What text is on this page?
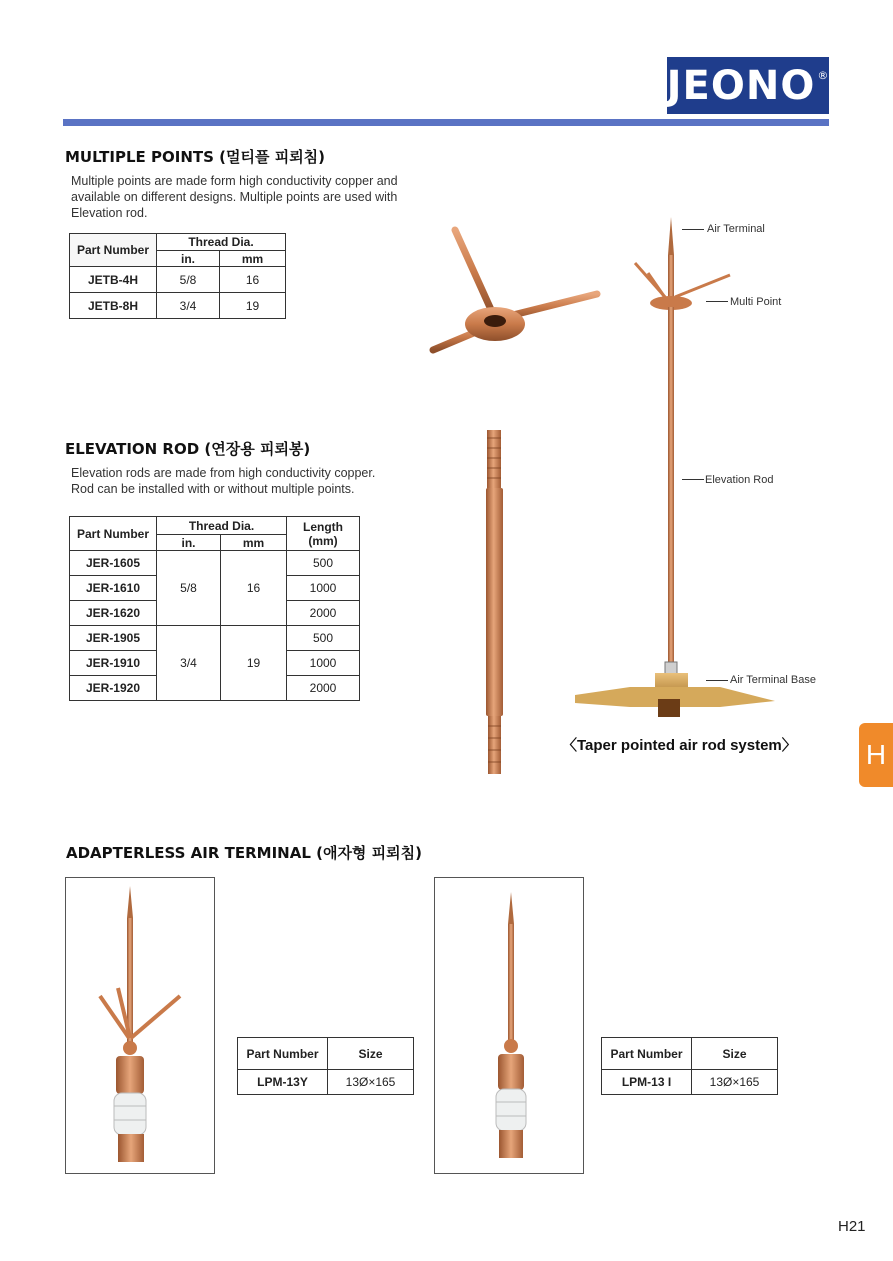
JEONO®
MULTIPLE POINTS (멀티플 피뢰침)
Multiple points are made form high conductivity copper and
available on different designs. Multiple points are used with
Elevation rod.
Part Number	Thread Dia.	
	in.	mm
JETB-4H	5/8	16
JETB-8H	3/4	19
Air Terminal
Multi Point
Elevation Rod
Air Terminal Base
〈Taper pointed air rod system〉
ELEVATION ROD (연장용 피뢰봉)
Elevation rods are made from high conductivity copper.
Rod can be installed with or without multiple points.
Part Number	Thread Dia.		Length
(mm)

	in.	mm	
JER-1605	5/8	16	500
JER-1610			1000
JER-1620			2000
JER-1905	3/4	19	500
JER-1910			1000
JER-1920			2000
H
ADAPTERLESS AIR TERMINAL (애자형 피뢰침)
Part Number	Size
LPM-13Y	13Ø×165
Part Number	Size
LPM-13 I	13Ø×165
H21
